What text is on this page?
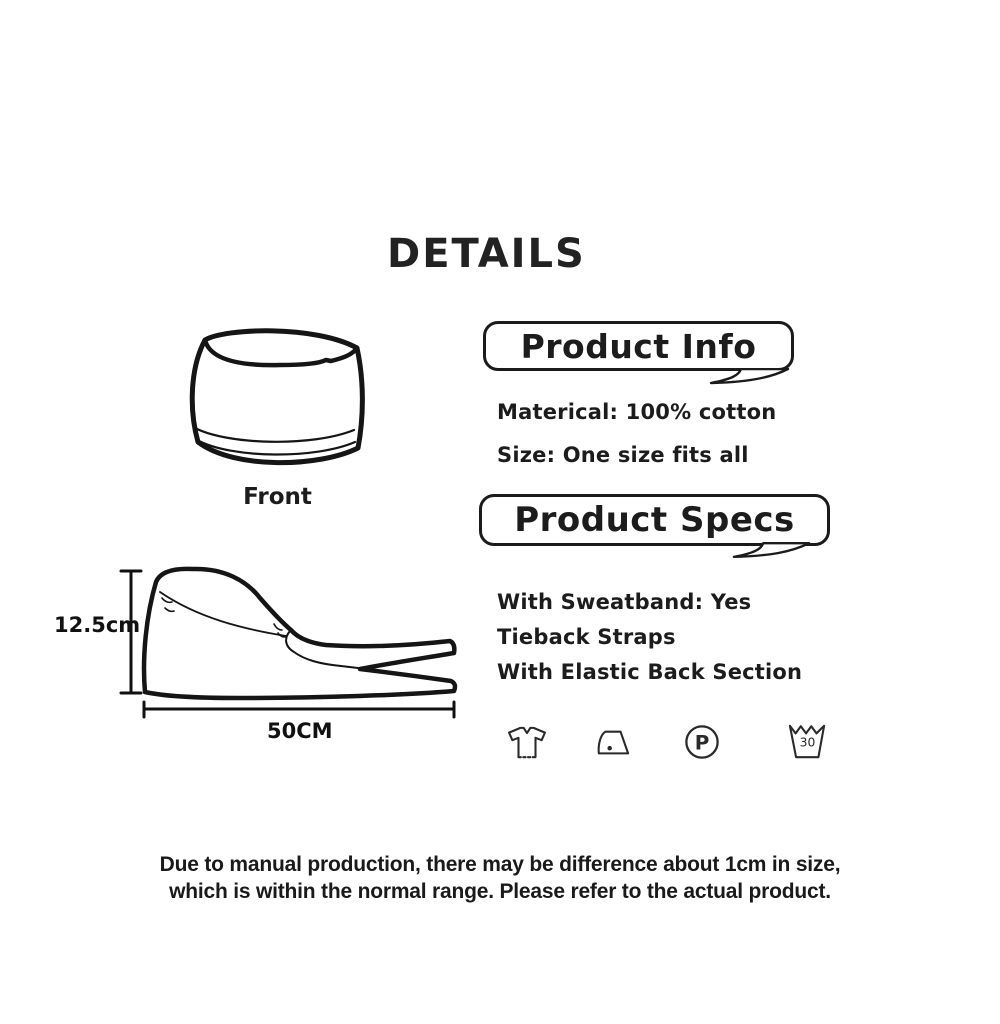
DETAILS
Front
Product Info
Materical: 100% cotton
Size: One size fits all
Product Specs
With Sweatband: Yes
Tieback Straps
With Elastic Back Section
12.5cm
50CM
P	30
Due to manual production, there may be difference about 1cm in size,
which is within the normal range. Please refer to the actual product.
